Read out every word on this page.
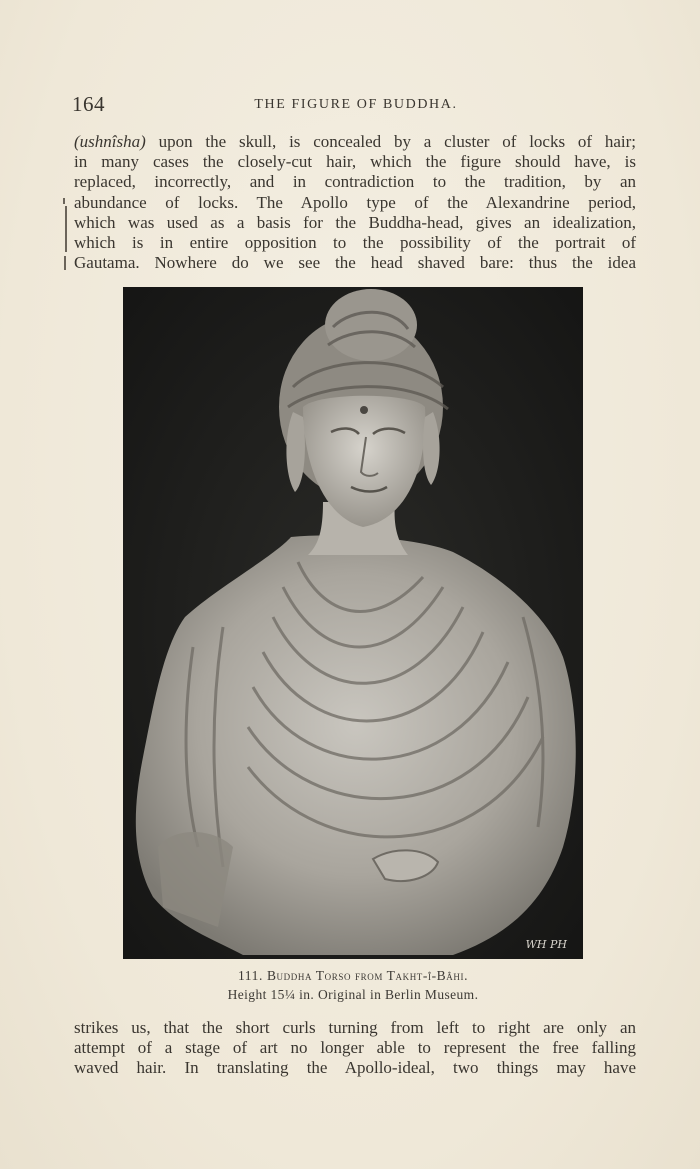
164	THE FIGURE OF BUDDHA.
(ushnîsha) upon the skull, is concealed by a cluster of locks of hair;
in many cases the closely-cut hair, which the figure should have, is
replaced, incorrectly, and in contradiction to the tradition, by an
abundance of locks. The Apollo type of the Alexandrine period,
which was used as a basis for the Buddha-head, gives an idealization,
which is in entire opposition to the possibility of the portrait of
Gautama. Nowhere do we see the head shaved bare: thus the idea
WH PH
111. Buddha Torso from Takht-î-Bâhi.
Height 15¼ in. Original in Berlin Museum.
strikes us, that the short curls turning from left to right are only an
attempt of a stage of art no longer able to represent the free falling
waved hair. In translating the Apollo-ideal, two things may have
